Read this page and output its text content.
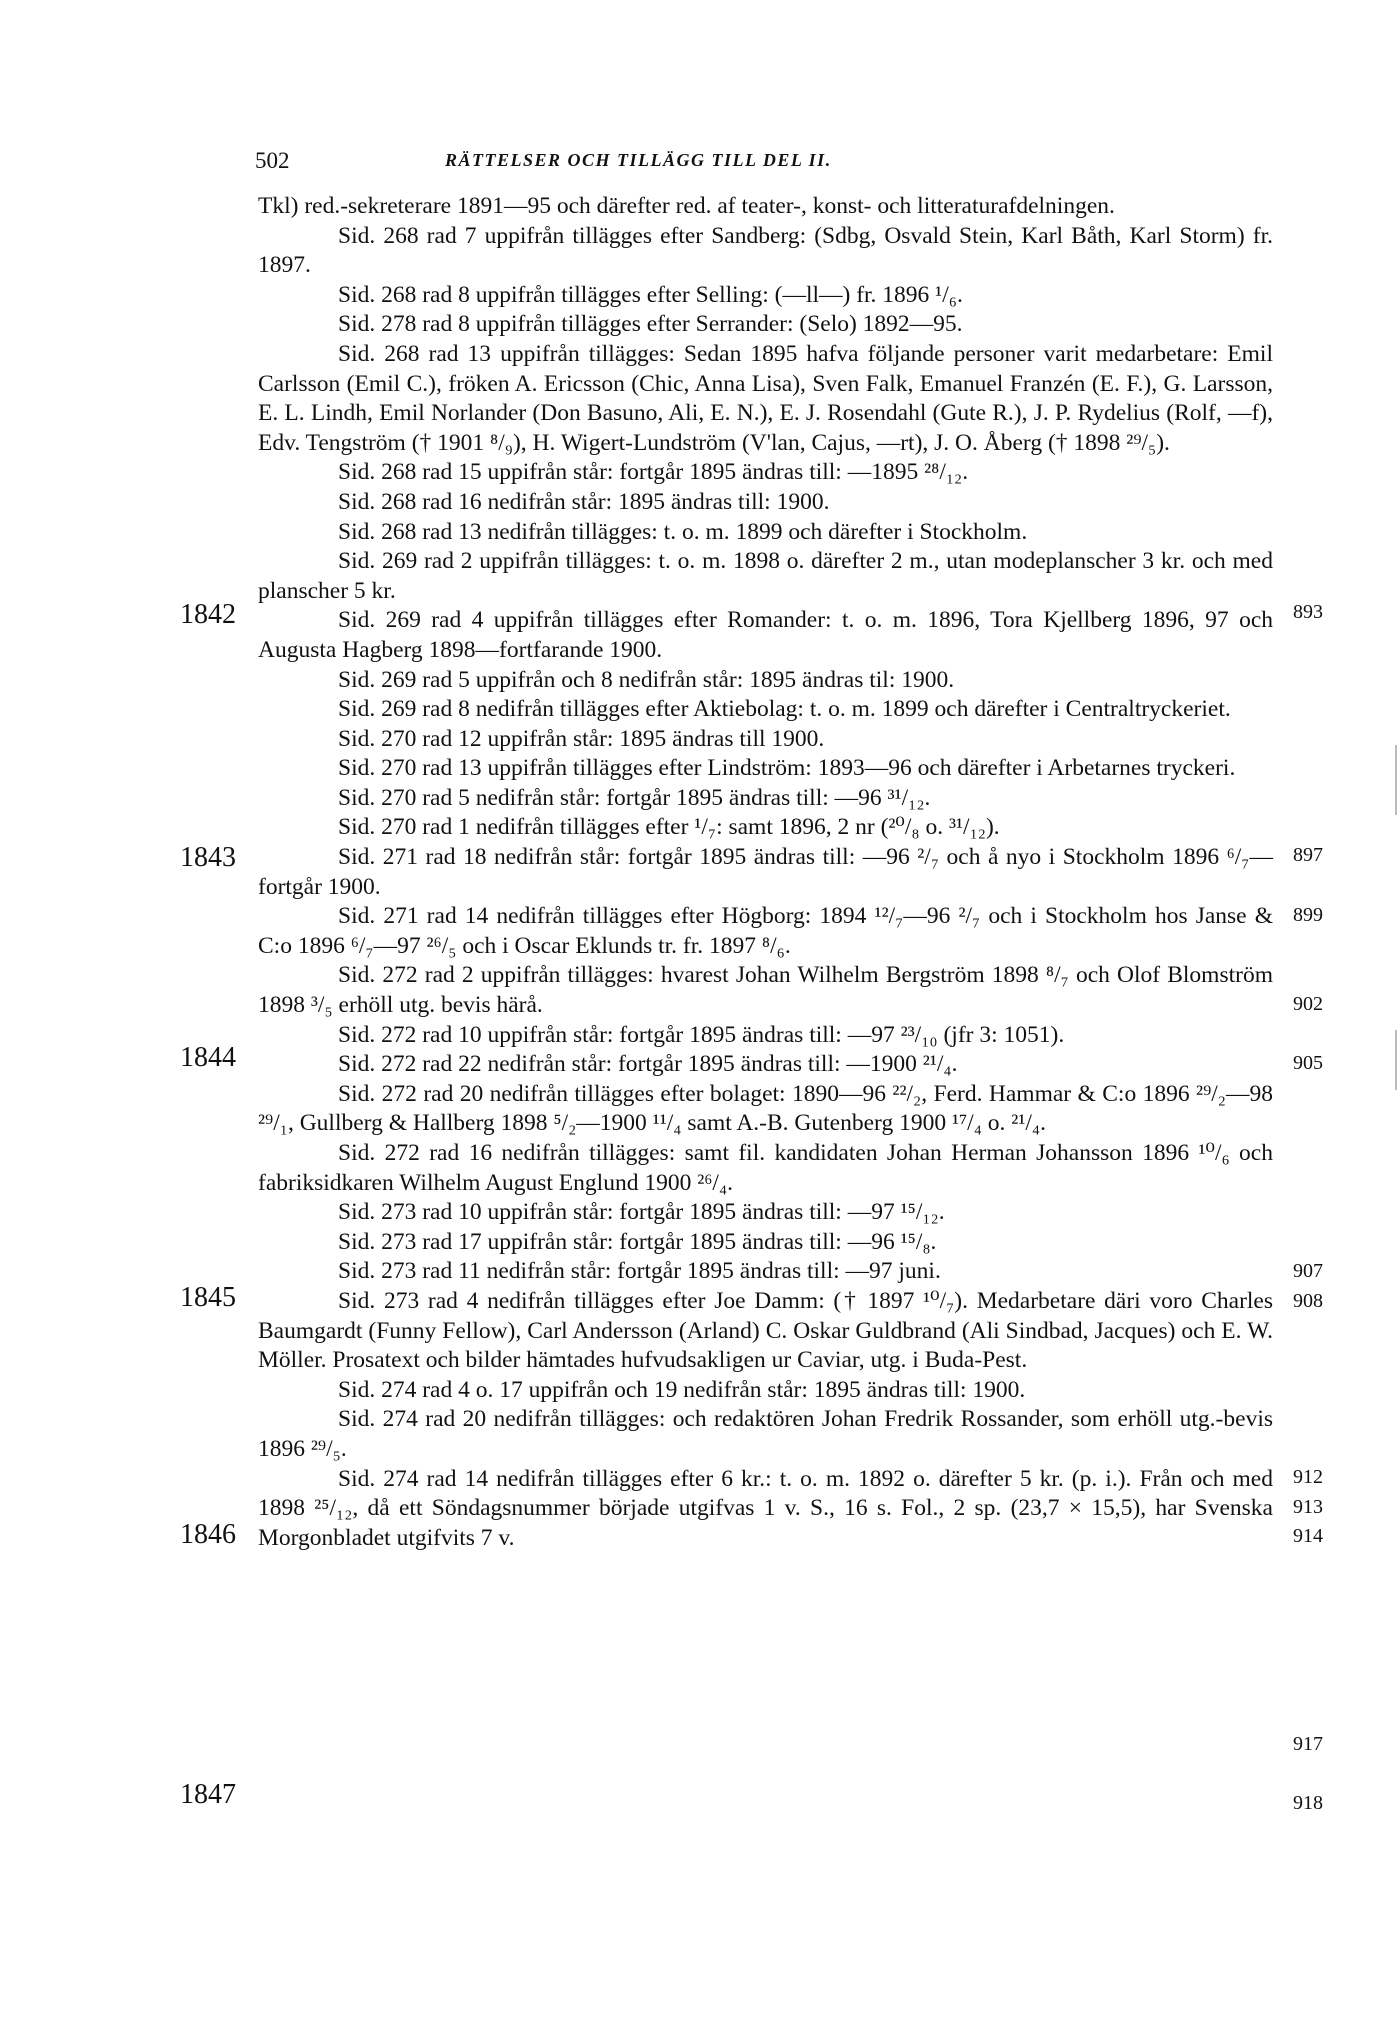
502	RÄTTELSER OCH TILLÄGG TILL DEL II.

Tkl) red.-sekreterare 1891—95 och därefter red. af teater-, konst- och litteraturafdelningen.

Sid. 268 rad 7 uppifrån tillägges efter Sandberg: (Sdbg, Osvald Stein, Karl Båth, Karl Storm) fr. 1897.

Sid. 268 rad 8 uppifrån tillägges efter Selling: (—ll—) fr. 1896 ¹/₆.

Sid. 278 rad 8 uppifrån tillägges efter Serrander: (Selo) 1892—95.

Sid. 268 rad 13 uppifrån tillägges: Sedan 1895 hafva följande personer varit medarbetare: Emil Carlsson (Emil C.), fröken A. Ericsson (Chic, Anna Lisa), Sven Falk, Emanuel Franzén (E. F.), G. Larsson, E. L. Lindh, Emil Norlander (Don Basuno, Ali, E. N.), E. J. Rosendahl (Gute R.), J. P. Rydelius (Rolf, —f), Edv. Tengström († 1901 ⁸/₉), H. Wigert-Lundström (V'lan, Cajus, —rt), J. O. Åberg († 1898 ²⁹/₅).

Sid. 268 rad 15 uppifrån står: fortgår 1895 ändras till: —1895 ²⁸/₁₂.

Sid. 268 rad 16 nedifrån står: 1895 ändras till: 1900.

Sid. 268 rad 13 nedifrån tillägges: t. o. m. 1899 och därefter i Stockholm.

Sid. 269 rad 2 uppifrån tillägges: t. o. m. 1898 o. därefter 2 m., utan modeplanscher 3 kr. och med planscher 5 kr.

Sid. 269 rad 4 uppifrån tillägges efter Romander: t. o. m. 1896, Tora Kjellberg 1896, 97 och Augusta Hagberg 1898—fortfarande 1900.

Sid. 269 rad 5 uppifrån och 8 nedifrån står: 1895 ändras til: 1900.

Sid. 269 rad 8 nedifrån tillägges efter Aktiebolag: t. o. m. 1899 och därefter i Centraltryckeriet.

Sid. 270 rad 12 uppifrån står: 1895 ändras till 1900.

Sid. 270 rad 13 uppifrån tillägges efter Lindström: 1893—96 och därefter i Arbetarnes tryckeri.

Sid. 270 rad 5 nedifrån står: fortgår 1895 ändras till: —96 ³¹/₁₂.

Sid. 270 rad 1 nedifrån tillägges efter ¹/₇: samt 1896, 2 nr (²⁰/₈ o. ³¹/₁₂).

Sid. 271 rad 18 nedifrån står: fortgår 1895 ändras till: —96 ²/₇ och å nyo i Stockholm 1896 ⁶/₇—fortgår 1900.

Sid. 271 rad 14 nedifrån tillägges efter Högborg: 1894 ¹²/₇—96 ²/₇ och i Stockholm hos Janse & C:o 1896 ⁶/₇—97 ²⁶/₅ och i Oscar Eklunds tr. fr. 1897 ⁸/₆.

Sid. 272 rad 2 uppifrån tillägges: hvarest Johan Wilhelm Bergström 1898 ⁸/₇ och Olof Blomström 1898 ³/₅ erhöll utg. bevis härå.

Sid. 272 rad 10 uppifrån står: fortgår 1895 ändras till: —97 ²³/₁₀ (jfr 3: 1051).

Sid. 272 rad 22 nedifrån står: fortgår 1895 ändras till: —1900 ²¹/₄.

Sid. 272 rad 20 nedifrån tillägges efter bolaget: 1890—96 ²²/₂, Ferd. Hammar & C:o 1896 ²⁹/₂—98 ²⁹/₁, Gullberg & Hallberg 1898 ⁵/₂—1900 ¹¹/₄ samt A.-B. Gutenberg 1900 ¹⁷/₄ o. ²¹/₄.

Sid. 272 rad 16 nedifrån tillägges: samt fil. kandidaten Johan Herman Johansson 1896 ¹⁰/₆ och fabriksidkaren Wilhelm August Englund 1900 ²⁶/₄.

Sid. 273 rad 10 uppifrån står: fortgår 1895 ändras till: —97 ¹⁵/₁₂.

Sid. 273 rad 17 uppifrån står: fortgår 1895 ändras till: —96 ¹⁵/₈.

Sid. 273 rad 11 nedifrån står: fortgår 1895 ändras till: —97 juni.

Sid. 273 rad 4 nedifrån tillägges efter Joe Damm: († 1897 ¹⁰/₇). Medarbetare däri voro Charles Baumgardt (Funny Fellow), Carl Andersson (Arland) C. Oskar Guldbrand (Ali Sindbad, Jacques) och E. W. Möller. Prosatext och bilder hämtades hufvudsakligen ur Caviar, utg. i Buda-Pest.

Sid. 274 rad 4 o. 17 uppifrån och 19 nedifrån står: 1895 ändras till: 1900.

Sid. 274 rad 20 nedifrån tillägges: och redaktören Johan Fredrik Rossander, som erhöll utg.-bevis 1896 ²⁹/₅.

Sid. 274 rad 14 nedifrån tillägges efter 6 kr.: t. o. m. 1892 o. därefter 5 kr. (p. i.). Från och med 1898 ²⁵/₁₂, då ett Söndagsnummer började utgifvas 1 v. S., 16 s. Fol., 2 sp. (23,7 × 15,5), har Svenska Morgonbladet utgifvits 7 v.

1842
1843
1844
1845
1846
1847
893
897
899
902
905
907
908
912
913
914
917
918
